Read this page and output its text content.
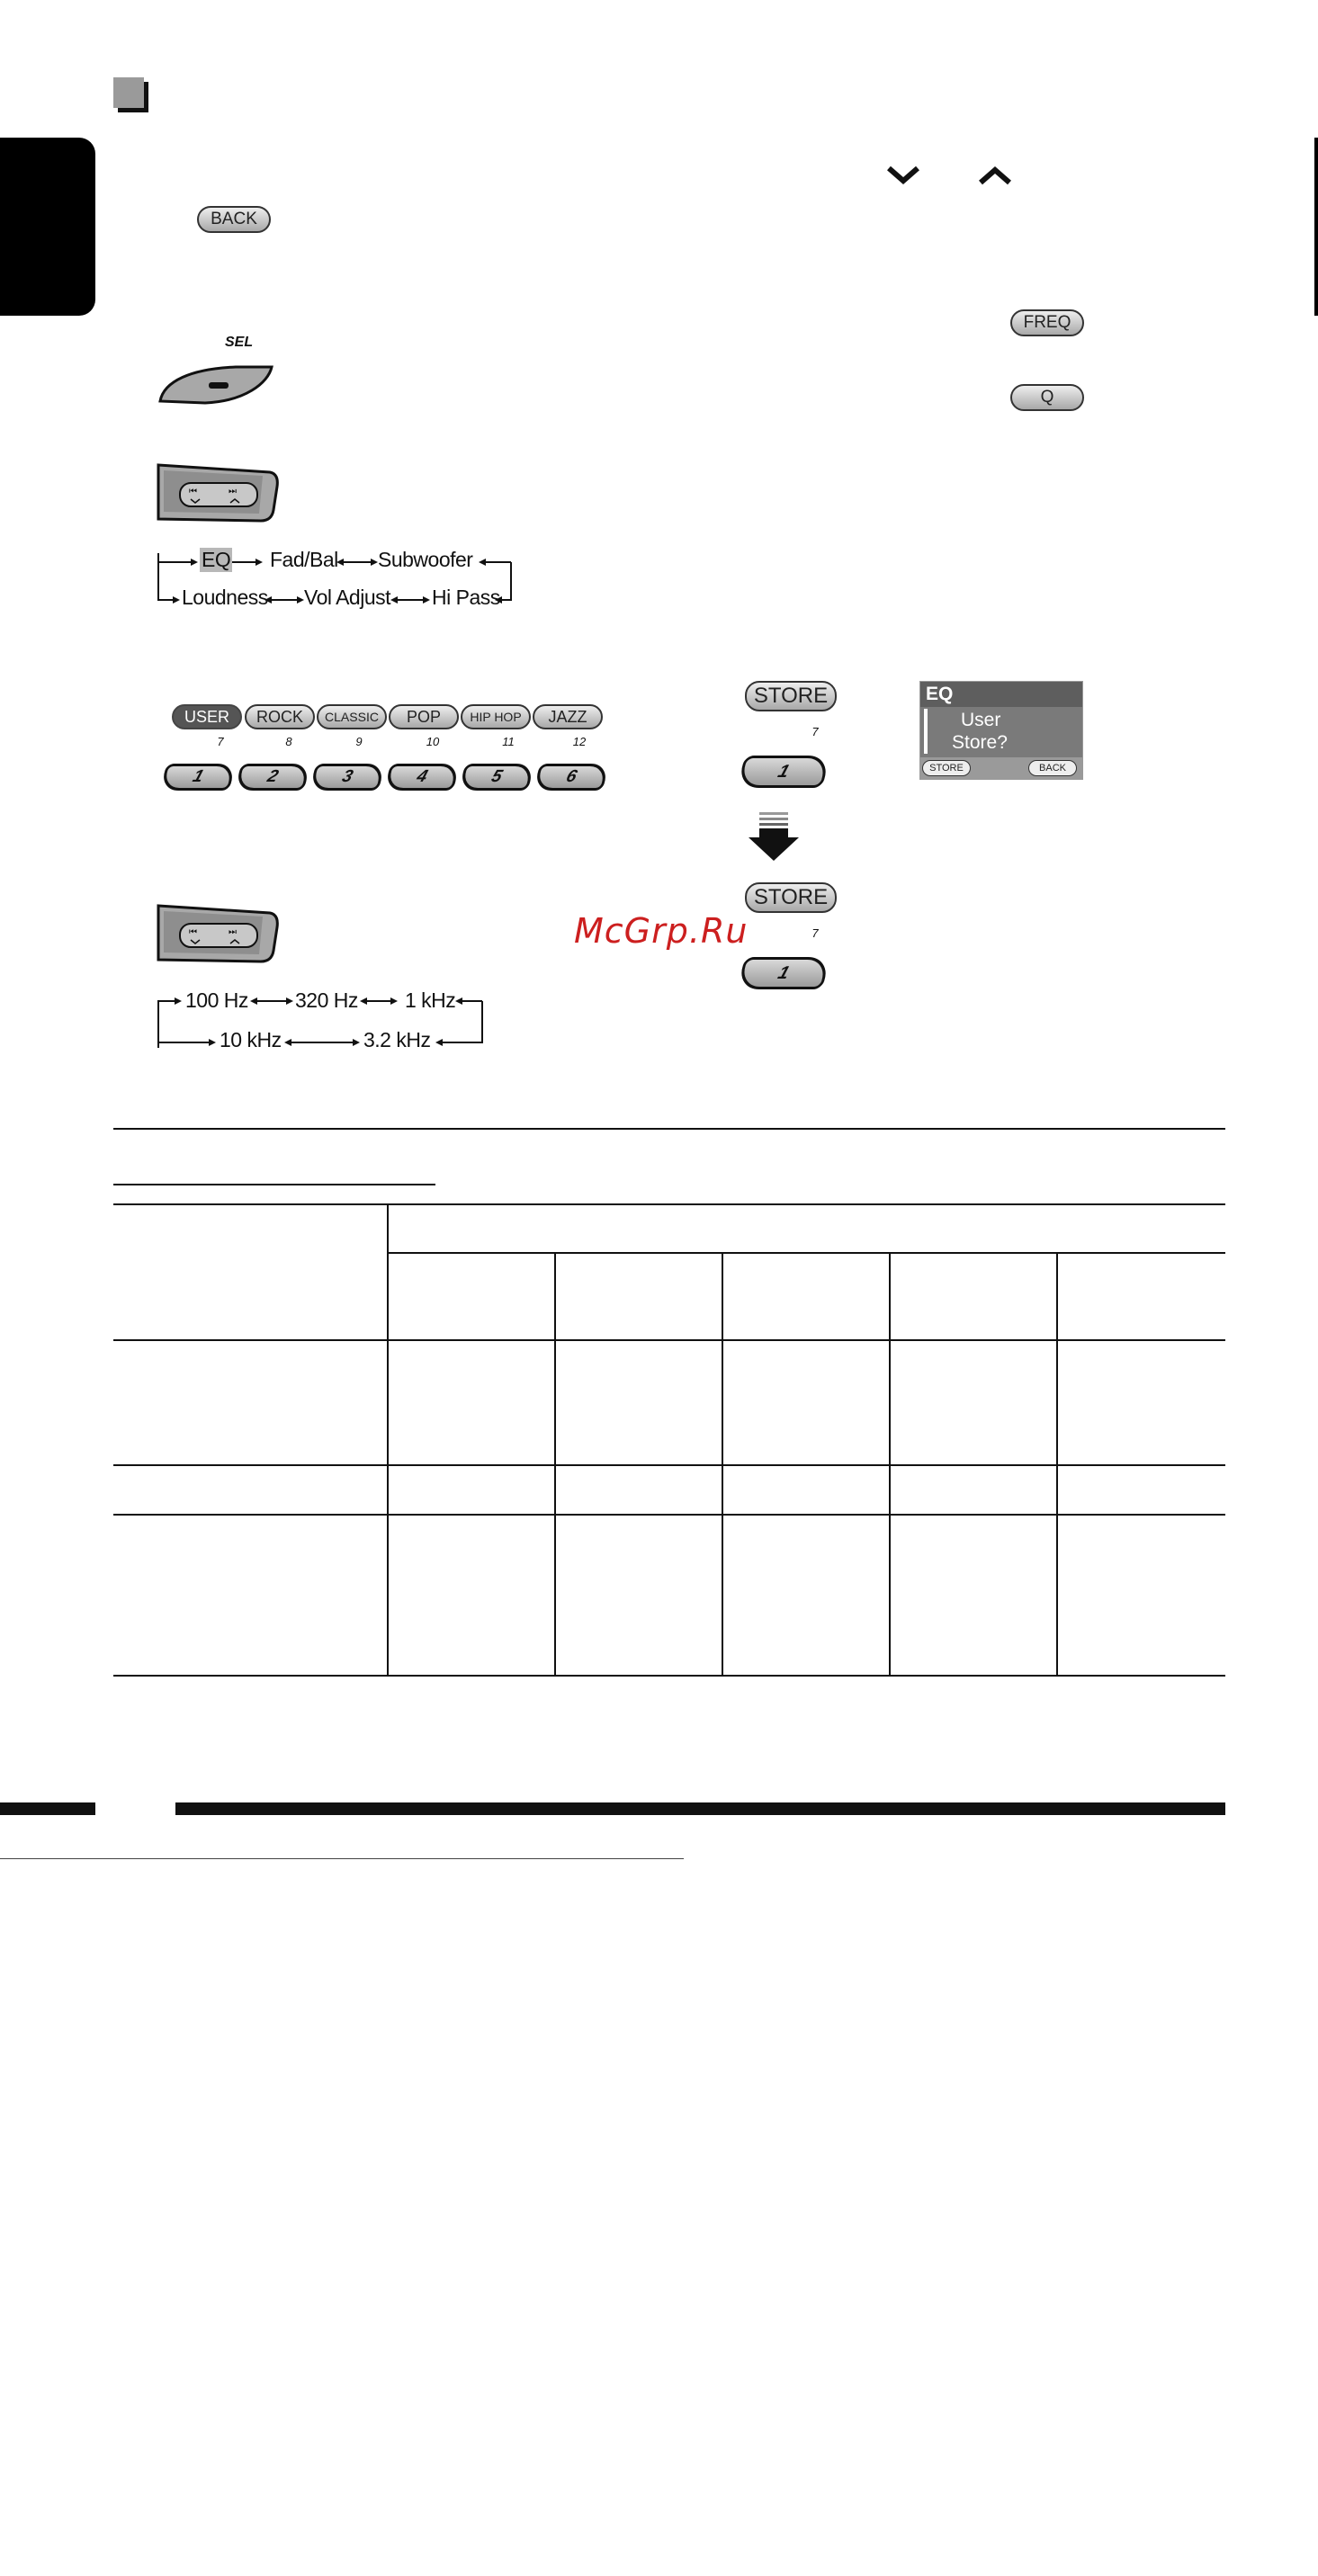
BACK
FREQ
Q
SEL
⏮	⏭
EQ Fad/Bal Subwoofer
Loudness Vol Adjust Hi Pass
USER	ROCK	CLASSIC	POP	HIP HOP	JAZZ
7	8	9	10	11	12
1	2	3	4	5	6
STORE
7
1
STORE
7
1
EQ
User
Store?
STORE	BACK
⏮	⏭	McGrp.Ru
100 Hz 320 Hz 1 kHz
10 kHz	3.2 kHz
